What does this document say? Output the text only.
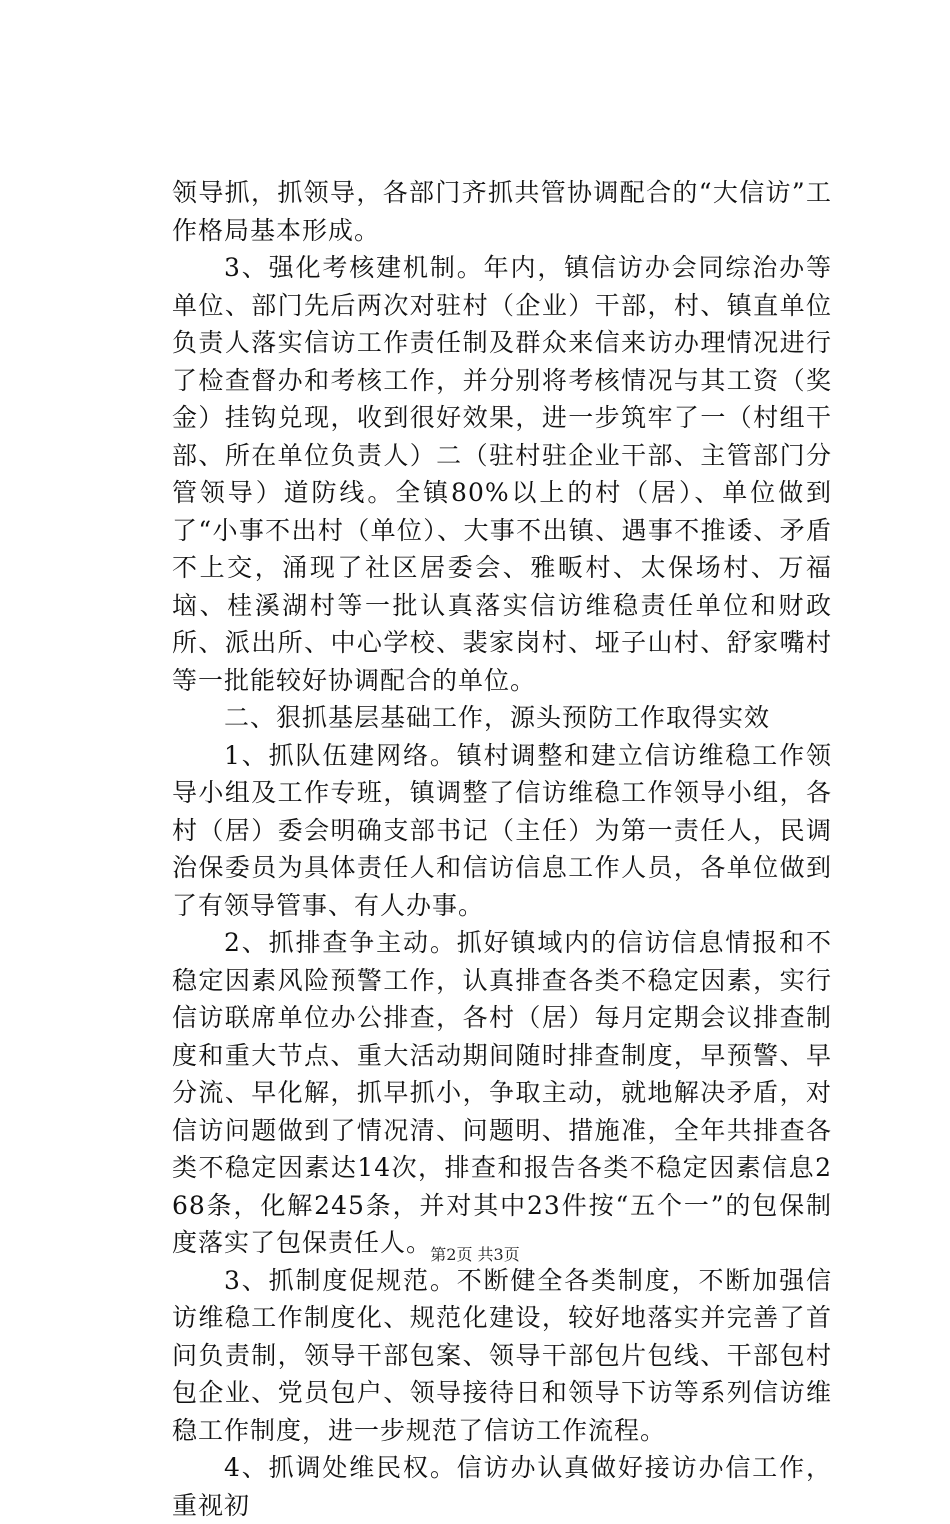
领导抓，抓领导，各部门齐抓共管协调配合的“大信访”工作格局基本形成。

3、强化考核建机制。年内，镇信访办会同综治办等单位、部门先后两次对驻村（企业）干部，村、镇直单位负责人落实信访工作责任制及群众来信来访办理情况进行了检查督办和考核工作，并分别将考核情况与其工资（奖金）挂钩兑现，收到很好效果，进一步筑牢了一（村组干部、所在单位负责人）二（驻村驻企业干部、主管部门分管领导）道防线。全镇80%以上的村（居）、单位做到了“小事不出村（单位）、大事不出镇、遇事不推诿、矛盾不上交，涌现了社区居委会、雅畈村、太保场村、万福垴、桂溪湖村等一批认真落实信访维稳责任单位和财政所、派出所、中心学校、裴家岗村、垭子山村、舒家嘴村等一批能较好协调配合的单位。

二、狠抓基层基础工作，源头预防工作取得实效

1、抓队伍建网络。镇村调整和建立信访维稳工作领导小组及工作专班，镇调整了信访维稳工作领导小组，各村（居）委会明确支部书记（主任）为第一责任人，民调治保委员为具体责任人和信访信息工作人员，各单位做到了有领导管事、有人办事。

2、抓排查争主动。抓好镇域内的信访信息情报和不稳定因素风险预警工作，认真排查各类不稳定因素，实行信访联席单位办公排查，各村（居）每月定期会议排查制度和重大节点、重大活动期间随时排查制度，早预警、早分流、早化解，抓早抓小，争取主动，就地解决矛盾，对信访问题做到了情况清、问题明、措施准，全年共排查各类不稳定因素达14次，排查和报告各类不稳定因素信息268条，化解245条，并对其中23件按“五个一”的包保制度落实了包保责任人。

3、抓制度促规范。不断健全各类制度，不断加强信访维稳工作制度化、规范化建设，较好地落实并完善了首问负责制，领导干部包案、领导干部包片包线、干部包村包企业、党员包户、领导接待日和领导下访等系列信访维稳工作制度，进一步规范了信访工作流程。

4、抓调处维民权。信访办认真做好接访办信工作，重视初

第2页 共3页
